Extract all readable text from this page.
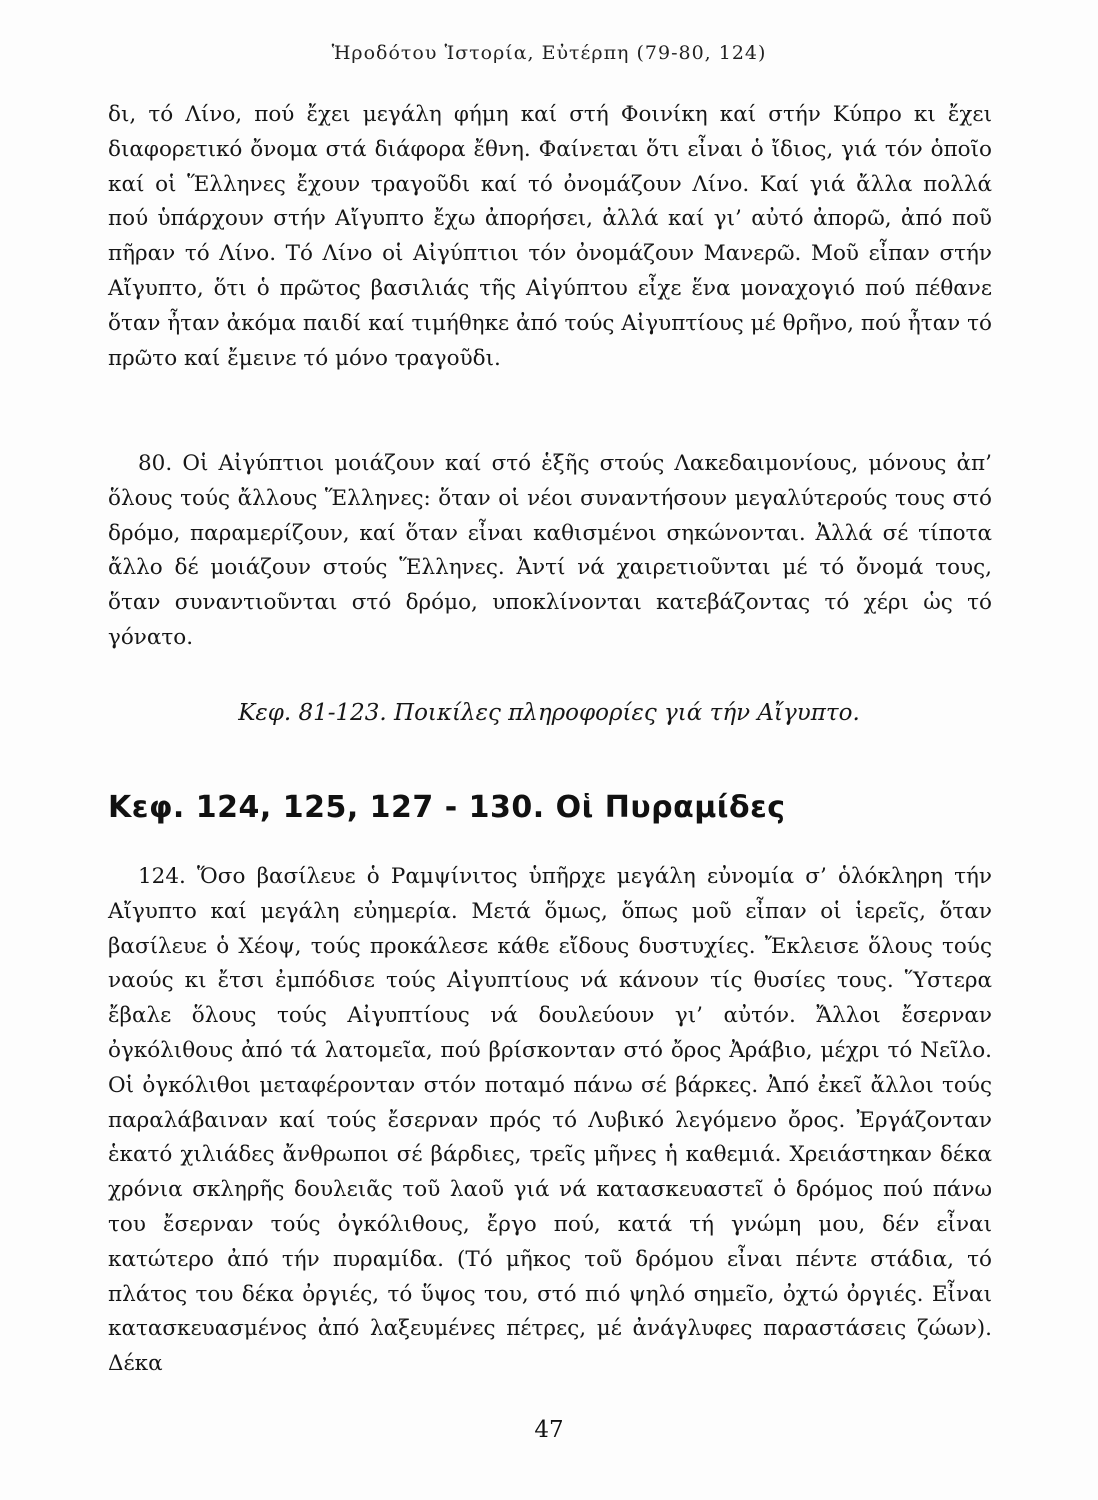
Ἡροδότου Ἱστορία, Εὐτέρπη (79-80, 124)

δι, τό Λίνο, πού ἔχει μεγάλη φήμη καί στή Φοινίκη καί στήν Κύπρο κι ἔχει διαφορετικό ὄνομα στά διάφορα ἔθνη. Φαίνεται ὅτι εἶναι ὁ ἴδιος, γιά τόν ὁποῖο καί οἱ Ἕλληνες ἔχουν τραγοῦδι καί τό ὀνομάζουν Λίνο. Καί γιά ἄλλα πολλά πού ὑπάρχουν στήν Αἴγυπτο ἔχω ἀπορήσει, ἀλλά καί γι’ αὐτό ἀπορῶ, ἀπό ποῦ πῆραν τό Λίνο. Τό Λίνο οἱ Αἰγύπτιοι τόν ὀνομάζουν Μανερῶ. Μοῦ εἶπαν στήν Αἴγυπτο, ὅτι ὁ πρῶτος βασιλιάς τῆς Αἰγύπτου εἶχε ἕνα μοναχογιό πού πέθανε ὅταν ἦταν ἀκόμα παιδί καί τιμήθηκε ἀπό τούς Αἰγυπτίους μέ θρῆνο, πού ἦταν τό πρῶτο καί ἔμεινε τό μόνο τραγοῦδι.

80. Οἱ Αἰγύπτιοι μοιάζουν καί στό ἑξῆς στούς Λακεδαιμονίους, μόνους ἀπ’ ὅλους τούς ἄλλους Ἕλληνες: ὅταν οἱ νέοι συναντήσουν μεγαλύτερούς τους στό δρόμο, παραμερίζουν, καί ὅταν εἶναι καθισμένοι σηκώνονται. Ἀλλά σέ τίποτα ἄλλο δέ μοιάζουν στούς Ἕλληνες. Ἀντί νά χαιρετιοῦνται μέ τό ὄνομά τους, ὅταν συναντιοῦνται στό δρόμο, υποκλίνονται κατεβάζοντας τό χέρι ὡς τό γόνατο.

Κεφ. 81-123. Ποικίλες πληροφορίες γιά τήν Αἴγυπτο.

Κεφ. 124, 125, 127 - 130. Οἱ Πυραμίδες

124. Ὅσο βασίλευε ὁ Ραμψίνιτος ὑπῆρχε μεγάλη εὐνομία σ’ ὁλόκληρη τήν Αἴγυπτο καί μεγάλη εὐημερία. Μετά ὅμως, ὅπως μοῦ εἶπαν οἱ ἱερεῖς, ὅταν βασίλευε ὁ Χέοψ, τούς προκάλεσε κάθε εἴδους δυστυχίες. Ἔκλεισε ὅλους τούς ναούς κι ἔτσι ἐμπόδισε τούς Αἰγυπτίους νά κάνουν τίς θυσίες τους. Ὕστερα ἔβαλε ὅλους τούς Αἰγυπτίους νά δουλεύουν γι’ αὐτόν. Ἄλλοι ἔσερναν ὀγκόλιθους ἀπό τά λατομεῖα, πού βρίσκονταν στό ὄρος Ἀράβιο, μέχρι τό Νεῖλο. Οἱ ὀγκόλιθοι μεταφέρονταν στόν ποταμό πάνω σέ βάρκες. Ἀπό ἐκεῖ ἄλλοι τούς παραλάβαιναν καί τούς ἔσερναν πρός τό Λυβικό λεγόμενο ὄρος. Ἐργάζονταν ἑκατό χιλιάδες ἄνθρωποι σέ βάρδιες, τρεῖς μῆνες ἡ καθεμιά. Χρειάστηκαν δέκα χρόνια σκληρῆς δουλειᾶς τοῦ λαοῦ γιά νά κατασκευαστεῖ ὁ δρόμος πού πάνω του ἔσερναν τούς ὀγκόλιθους, ἔργο πού, κατά τή γνώμη μου, δέν εἶναι κατώτερο ἀπό τήν πυραμίδα. (Τό μῆκος τοῦ δρόμου εἶναι πέντε στάδια, τό πλάτος του δέκα ὀργιές, τό ὕψος του, στό πιό ψηλό σημεῖο, ὀχτώ ὀργιές. Εἶναι κατασκευασμένος ἀπό λαξευμένες πέτρες, μέ ἀνάγλυφες παραστάσεις ζώων). Δέκα

47
